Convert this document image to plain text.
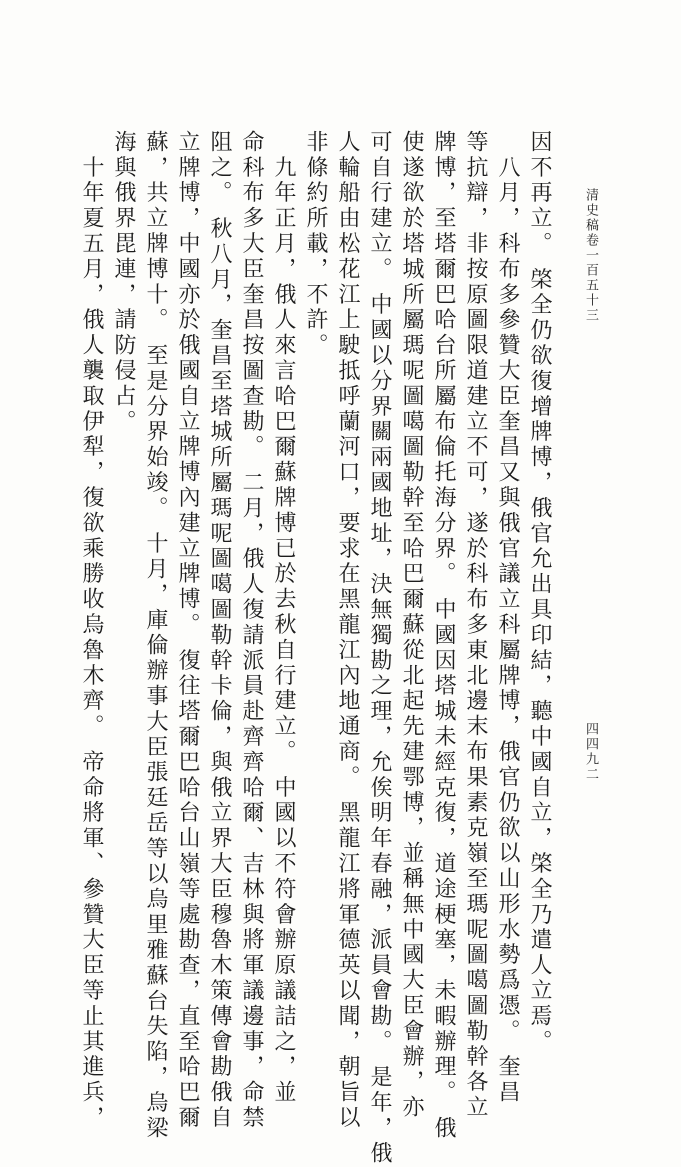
清史稿卷一百五十三
四四九二
因不再立。 棨全仍欲復增牌博，俄官允出具印結，聽中國自立，棨全乃遣人立焉。
　八月，科布多參贊大臣奎昌又與俄官議立科屬牌博，俄官仍欲以山形水勢爲憑。 奎昌
等抗辯，非按原圖限道建立不可，遂於科布多東北邊末布果素克嶺至瑪呢圖噶圖勒幹各立
牌博，至塔爾巴哈台所屬布倫托海分界。 中國因塔城未經克復，道途梗塞，未暇辦理。 俄
使遂欲於塔城所屬瑪呢圖噶圖勒幹至哈巴爾蘇從北起先建鄂博，並稱無中國大臣會辦，亦
可自行建立。 中國以分界關兩國地址，決無獨勘之理，允俟明年春融，派員會勘。 是年，俄
人輪船由松花江上駛抵呼蘭河口，要求在黑龍江內地通商。 黑龍江將軍德英以聞，朝旨以
非條約所載，不許。
　九年正月，俄人來言哈巴爾蘇牌博已於去秋自行建立。 中國以不符會辦原議詰之，並
命科布多大臣奎昌按圖查勘。 二月，俄人復請派員赴齊齊哈爾、吉林與將軍議邊事，命禁
阻之。 秋八月，奎昌至塔城所屬瑪呢圖噶圖勒幹卡倫，與俄立界大臣穆魯木策傳會勘俄自
立牌博，中國亦於俄國自立牌博內建立牌博。 復往塔爾巴哈台山嶺等處勘查，直至哈巴爾
蘇，共立牌博十。 至是分界始竣。 十月，庫倫辦事大臣張廷岳等以烏里雅蘇台失陷，烏梁
海與俄界毘連，請防侵占。
　十年夏五月，俄人襲取伊犁，復欲乘勝收烏魯木齊。 帝命將軍、參贊大臣等止其進兵，
